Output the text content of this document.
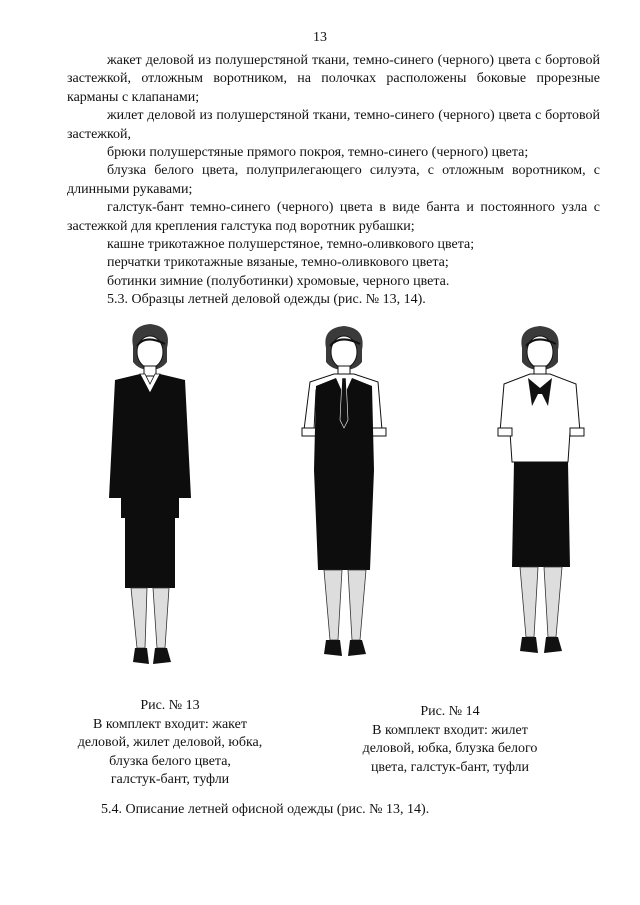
13

жакет деловой из полушерстяной ткани, темно-синего (черного) цвета с бортовой застежкой, отложным воротником, на полочках расположены боковые прорезные карманы с клапанами;

жилет деловой из полушерстяной ткани, темно-синего (черного) цвета с бортовой застежкой,

брюки полушерстяные прямого покроя, темно-синего (черного) цвета;

блузка белого цвета, полуприлегающего силуэта, с отложным воротником, с длинными рукавами;

галстук-бант темно-синего (черного) цвета в виде банта и постоянного узла с застежкой для крепления галстука под воротник рубашки;

кашне трикотажное полушерстяное, темно-оливкового цвета;

перчатки трикотажные вязаные, темно-оливкового цвета;

ботинки зимние (полуботинки) хромовые, черного цвета.

5.3. Образцы летней деловой одежды (рис. № 13, 14).

Рис. № 13
В комплект входит: жакет
деловой, жилет деловой, юбка,
блузка белого цвета,
галстук-бант, туфли
Рис. № 14
В комплект входит: жилет
деловой, юбка, блузка белого
цвета, галстук-бант, туфли
5.4. Описание летней офисной одежды (рис. № 13, 14).
